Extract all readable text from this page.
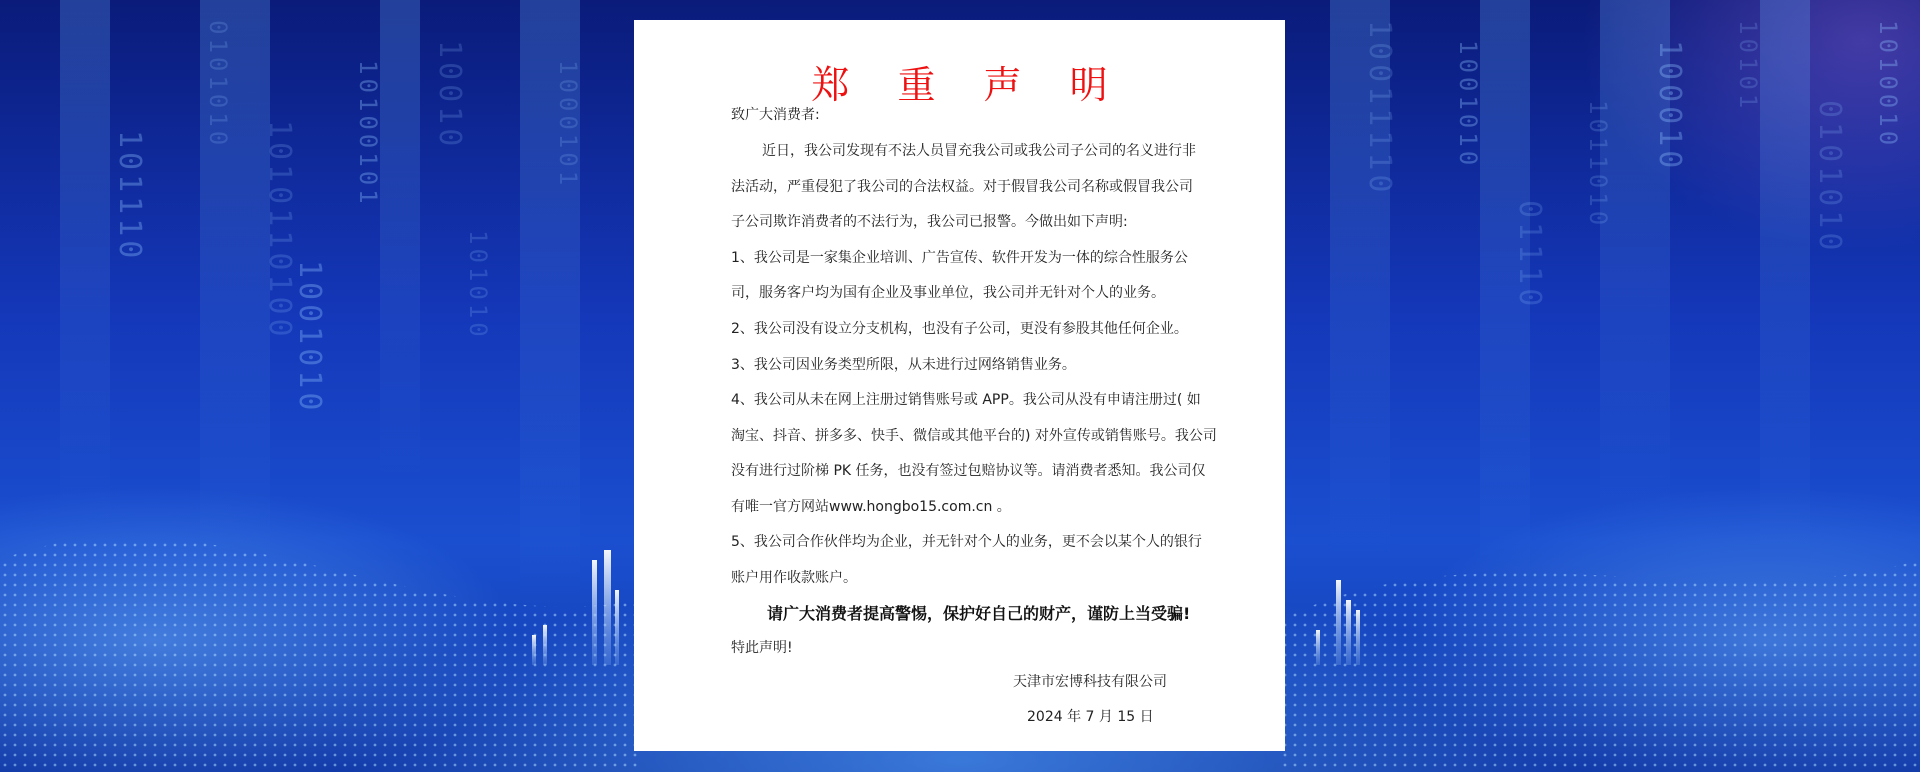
101110
0101010
1010110100 10100101 10010	1000101
1001010	101010
10011110 1001010
01110
1011010 100010 10101
0101010
1010010
郑 重 声 明
致广大消费者:
近日，我公司发现有不法人员冒充我公司或我公司子公司的名义进行非
法活动，严重侵犯了我公司的合法权益。对于假冒我公司名称或假冒我公司
子公司欺诈消费者的不法行为，我公司已报警。今做出如下声明:
1、我公司是一家集企业培训、广告宣传、软件开发为一体的综合性服务公
司，服务客户均为国有企业及事业单位，我公司并无针对个人的业务。
2、我公司没有设立分支机构，也没有子公司，更没有参股其他任何企业。
3、我公司因业务类型所限，从未进行过网络销售业务。
4、我公司从未在网上注册过销售账号或 APP。我公司从没有申请注册过( 如
淘宝、抖音、拼多多、快手、微信或其他平台的) 对外宣传或销售账号。我公司
没有进行过阶梯 PK 任务，也没有签过包赔协议等。请消费者悉知。我公司仅
有唯一官方网站www.hongbo15.com.cn 。
5、我公司合作伙伴均为企业，并无针对个人的业务，更不会以某个人的银行
账户用作收款账户。
请广大消费者提高警惕，保护好自己的财产，谨防上当受骗!
特此声明!
天津市宏博科技有限公司
2024 年 7 月 15 日
